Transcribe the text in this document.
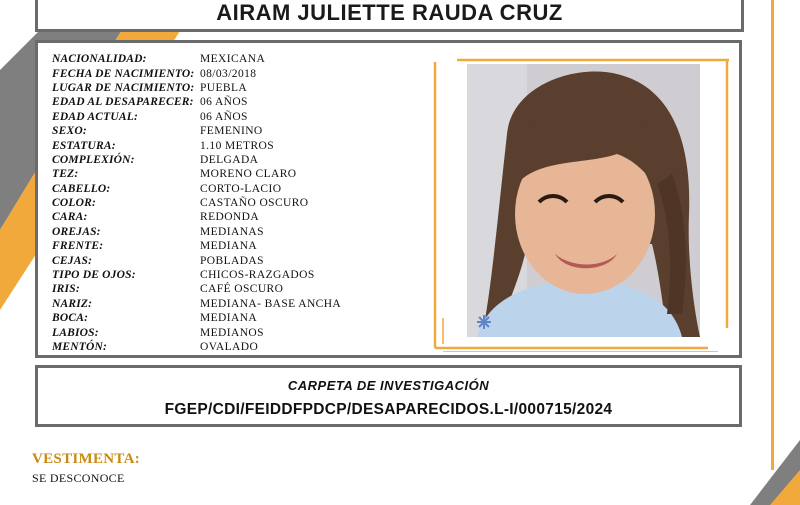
AIRAM JULIETTE RAUDA CRUZ
NACIONALIDAD:	MEXICANA
FECHA DE NACIMIENTO: 08/03/2018
LUGAR DE NACIMIENTO: PUEBLA
EDAD AL DESAPARECER: 06 AÑOS
EDAD ACTUAL:	06 AÑOS
SEXO:	FEMENINO
ESTATURA:	1.10 METROS
COMPLEXIÓN:	DELGADA
TEZ:	MORENO CLARO
CABELLO:	CORTO-LACIO
COLOR:	CASTAÑO OSCURO
CARA:	REDONDA
OREJAS:	MEDIANAS
FRENTE:	MEDIANA
CEJAS:	POBLADAS
TIPO DE OJOS:	CHICOS-RAZGADOS
IRIS:	CAFÉ OSCURO
NARIZ:	MEDIANA- BASE ANCHA
BOCA:	MEDIANA
LABIOS:	MEDIANOS
MENTÓN:	OVALADO
CARPETA DE INVESTIGACIÓN
FGEP/CDI/FEIDDFPDCP/DESAPARECIDOS.L-I/000715/2024
VESTIMENTA:
SE DESCONOCE
